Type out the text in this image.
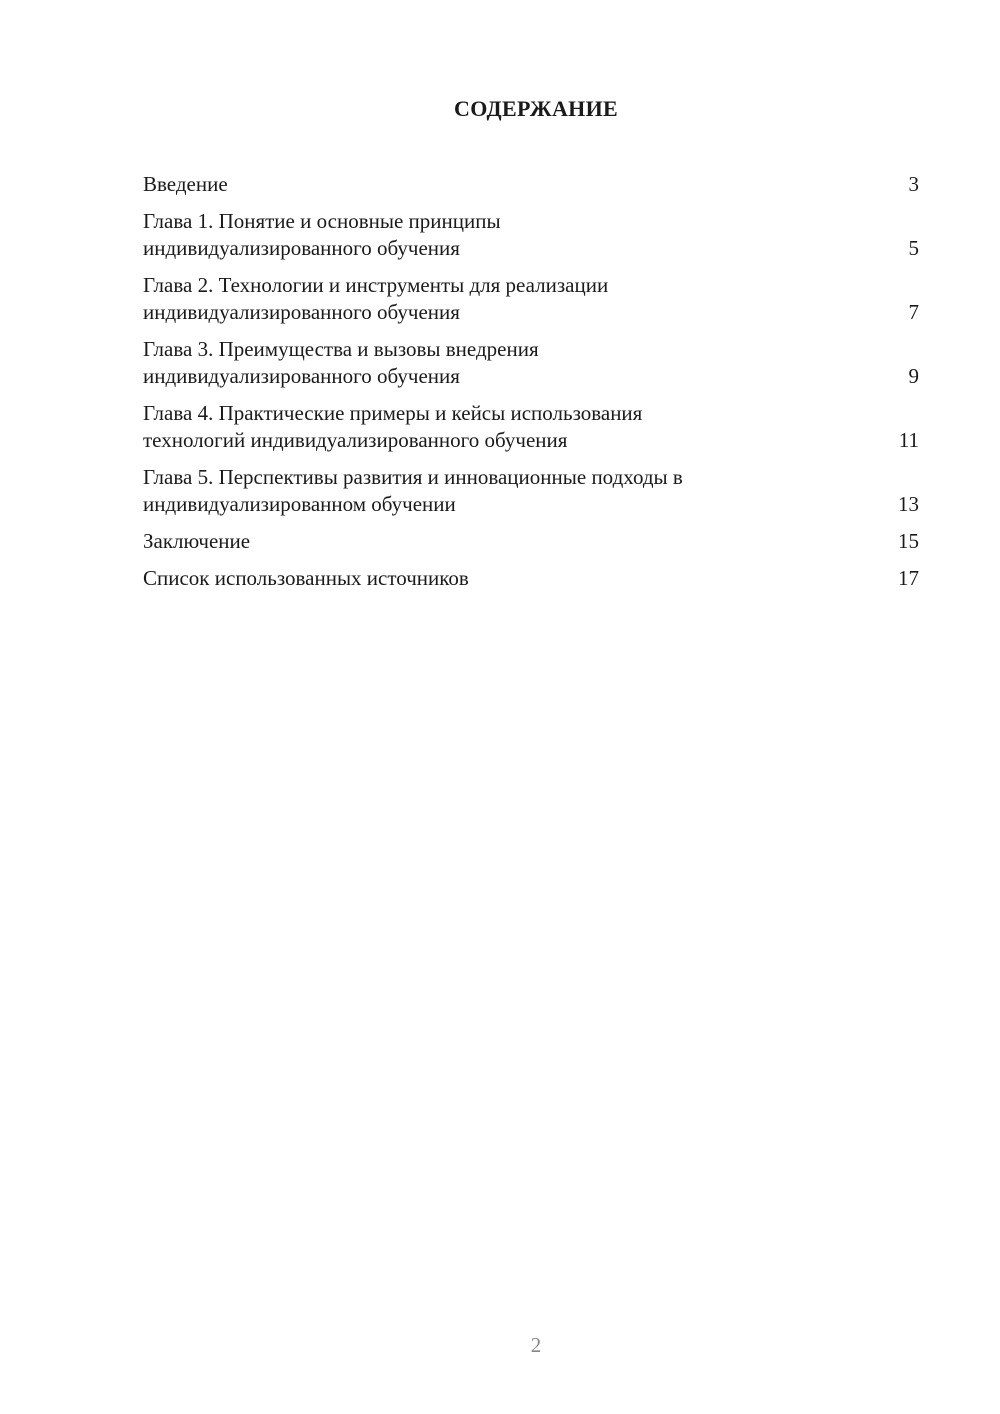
СОДЕРЖАНИЕ
Введение	3
Глава 1. Понятие и основные принципы
индивидуализированного обучения	5
Глава 2. Технологии и инструменты для реализации
индивидуализированного обучения	7
Глава 3. Преимущества и вызовы внедрения
индивидуализированного обучения	9
Глава 4. Практические примеры и кейсы использования
технологий индивидуализированного обучения	11
Глава 5. Перспективы развития и инновационные подходы в
индивидуализированном обучении	13
Заключение	15
Список использованных источников	17
2
